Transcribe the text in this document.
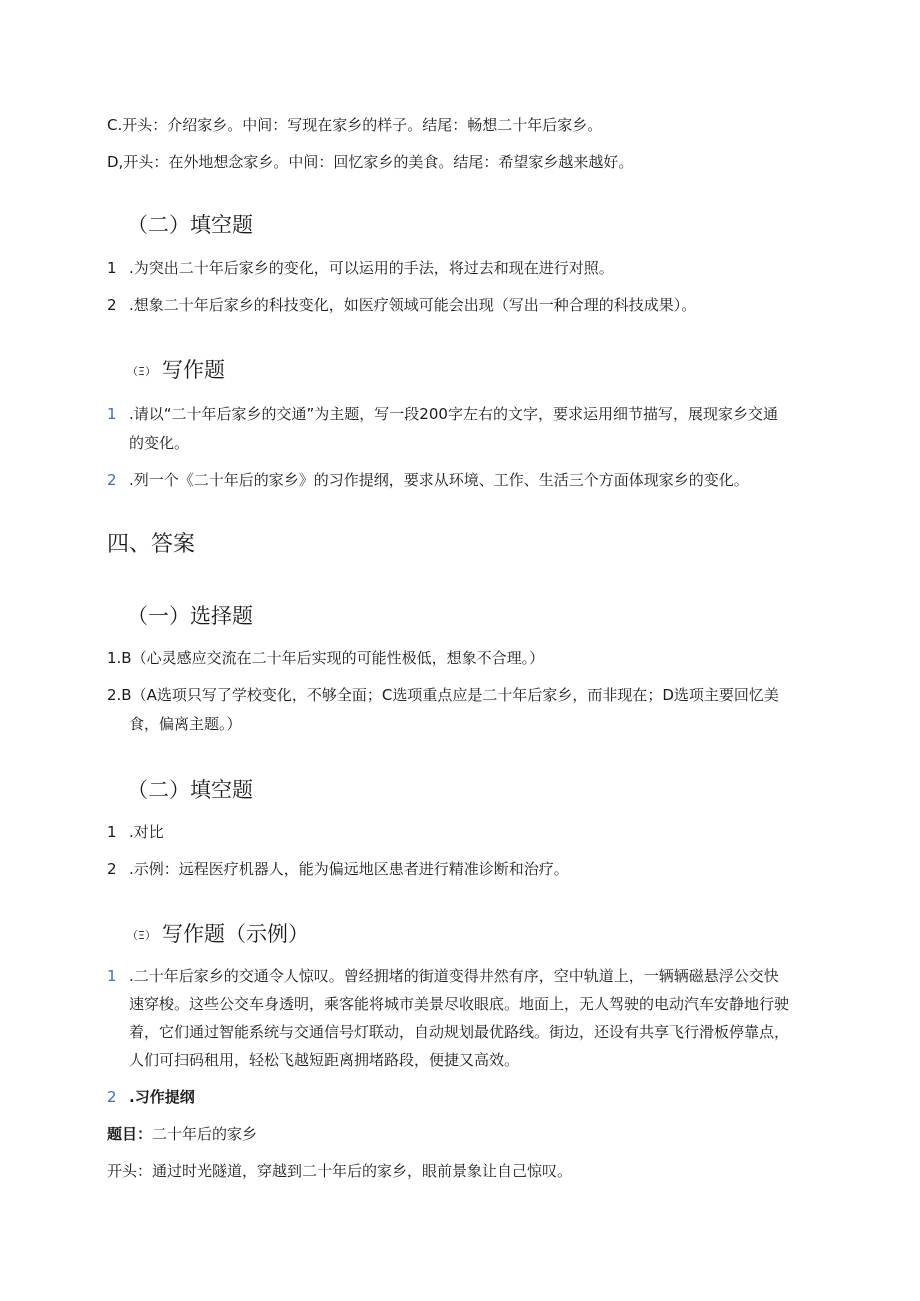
C.开头：介绍家乡。中间：写现在家乡的样子。结尾：畅想二十年后家乡。
D,开头：在外地想念家乡。中间：回忆家乡的美食。结尾：希望家乡越来越好。
（二）填空题
1 .为突出二十年后家乡的变化，可以运用的手法，将过去和现在进行对照。
2 .想象二十年后家乡的科技变化，如医疗领域可能会出现（写出一种合理的科技成果）。
（Ξ） 写作题
1 .请以“二十年后家乡的交通”为主题，写一段200字左右的文字，要求运用细节描写，展现家乡交通
的变化。
2 .列一个《二十年后的家乡》的习作提纲，要求从环境、工作、生活三个方面体现家乡的变化。
四、答案
（一）选择题
1.B（心灵感应交流在二十年后实现的可能性极低，想象不合理。）
2.B（A选项只写了学校变化，不够全面；C选项重点应是二十年后家乡，而非现在；D选项主要回忆美
食，偏离主题。）
（二）填空题
1 .对比
2 .示例：远程医疗机器人，能为偏远地区患者进行精准诊断和治疗。
（Ξ） 写作题（示例）
1 .二十年后家乡的交通令人惊叹。曾经拥堵的街道变得井然有序，空中轨道上，一辆辆磁悬浮公交快
速穿梭。这些公交车身透明，乘客能将城市美景尽收眼底。地面上，无人驾驶的电动汽车安静地行驶
着，它们通过智能系统与交通信号灯联动，自动规划最优路线。街边，还设有共享飞行滑板停靠点，
人们可扫码租用，轻松飞越短距离拥堵路段，便捷又高效。
2 .习作提纲
题目：二十年后的家乡
开头：通过时光隧道，穿越到二十年后的家乡，眼前景象让自己惊叹。
